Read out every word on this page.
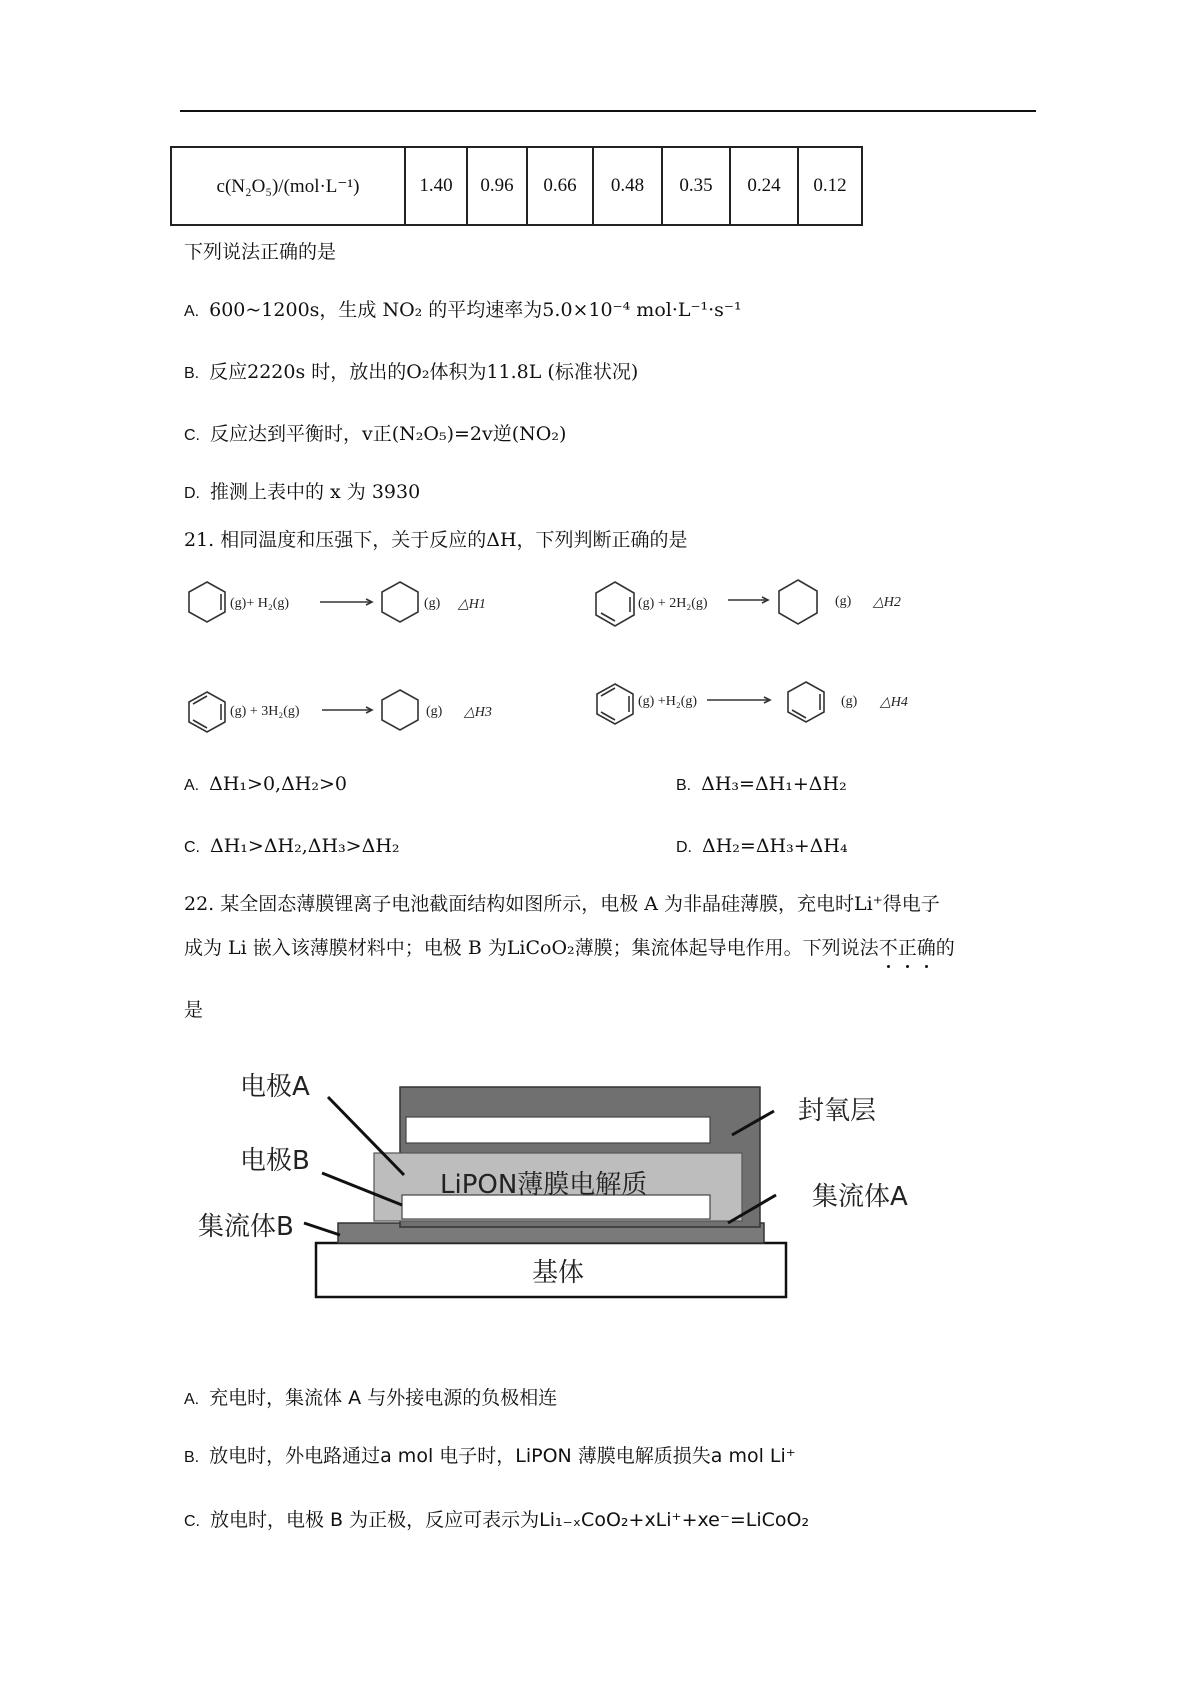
c(N₂O₅)/(mol·L⁻¹)	1.40	0.96	0.66	0.48	0.35	0.24	0.12
下列说法正确的是
A. 600~1200s，生成 NO₂ 的平均速率为5.0×10⁻⁴ mol·L⁻¹·s⁻¹
B. 反应2220s 时，放出的O₂体积为11.8L (标准状况)
C. 反应达到平衡时，v正(N₂O₅)=2v逆(NO₂)
D. 推测上表中的 x 为 3930
21. 相同温度和压强下，关于反应的ΔH，下列判断正确的是
(g)+ H₂(g)	(g) △H1	(g) + 2H₂(g)	(g) △H2
(g) + 3H₂(g)	(g) △H3
(g) +H₂(g)	(g) △H4
A. ΔH₁>0,ΔH₂>0	B. ΔH₃=ΔH₁+ΔH₂
C. ΔH₁>ΔH₂,ΔH₃>ΔH₂	D. ΔH₂=ΔH₃+ΔH₄
22. 某全固态薄膜锂离子电池截面结构如图所示，电极 A 为非晶硅薄膜，充电时Li⁺得电子
成为 Li 嵌入该薄膜材料中；电极 B 为LiCoO₂薄膜；集流体起导电作用。下列说法不正确的
是
电极A
电极B
集流体B
封氧层
集流体A
LiPON薄膜电解质
基体
A. 充电时，集流体 A 与外接电源的负极相连
B. 放电时，外电路通过a mol 电子时，LiPON 薄膜电解质损失a mol Li⁺
C. 放电时，电极 B 为正极，反应可表示为Li₁₋ₓCoO₂+xLi⁺+xe⁻=LiCoO₂
